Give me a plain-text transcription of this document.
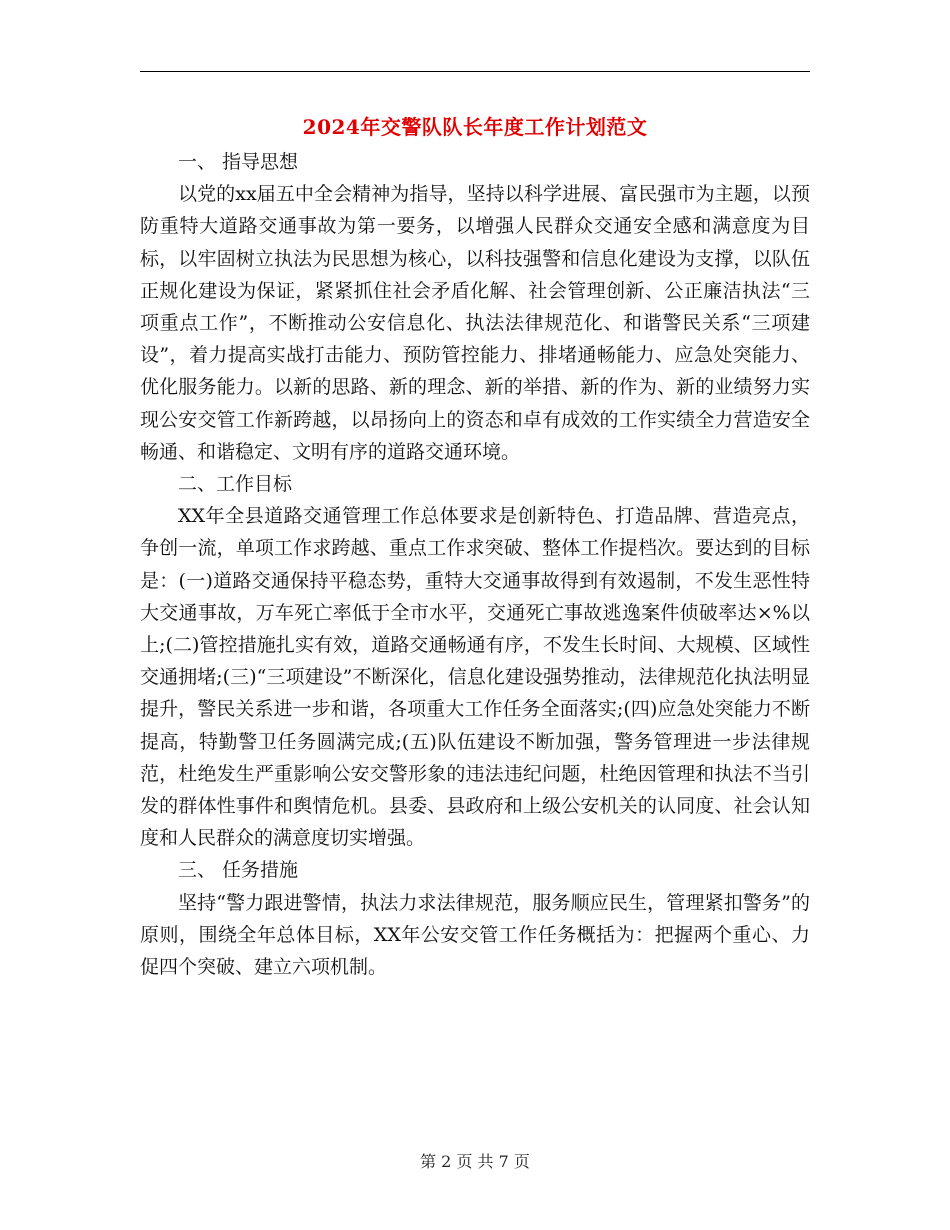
2024年交警队队长年度工作计划范文

一、 指导思想

以党的xx届五中全会精神为指导，坚持以科学进展、富民强市为主题，以预防重特大道路交通事故为第一要务，以增强人民群众交通安全感和满意度为目标，以牢固树立执法为民思想为核心，以科技强警和信息化建设为支撑，以队伍正规化建设为保证，紧紧抓住社会矛盾化解、社会管理创新、公正廉洁执法“三项重点工作”，不断推动公安信息化、执法法律规范化、和谐警民关系“三项建设”，着力提高实战打击能力、预防管控能力、排堵通畅能力、应急处突能力、优化服务能力。以新的思路、新的理念、新的举措、新的作为、新的业绩努力实现公安交管工作新跨越，以昂扬向上的资态和卓有成效的工作实绩全力营造安全畅通、和谐稳定、文明有序的道路交通环境。

二、工作目标

XX年全县道路交通管理工作总体要求是创新特色、打造品牌、营造亮点，争创一流，单项工作求跨越、重点工作求突破、整体工作提档次。要达到的目标是：(一)道路交通保持平稳态势，重特大交通事故得到有效遏制，不发生恶性特大交通事故，万车死亡率低于全市水平，交通死亡事故逃逸案件侦破率达×%以上;(二)管控措施扎实有效，道路交通畅通有序，不发生长时间、大规模、区域性交通拥堵;(三)“三项建设”不断深化，信息化建设强势推动，法律规范化执法明显提升，警民关系进一步和谐，各项重大工作任务全面落实;(四)应急处突能力不断提高，特勤警卫任务圆满完成;(五)队伍建设不断加强，警务管理进一步法律规范，杜绝发生严重影响公安交警形象的违法违纪问题，杜绝因管理和执法不当引发的群体性事件和舆情危机。县委、县政府和上级公安机关的认同度、社会认知度和人民群众的满意度切实增强。

三、 任务措施

坚持“警力跟进警情，执法力求法律规范，服务顺应民生，管理紧扣警务”的原则，围绕全年总体目标，XX年公安交管工作任务概括为：把握两个重心、力促四个突破、建立六项机制。

第 2 页 共 7 页
